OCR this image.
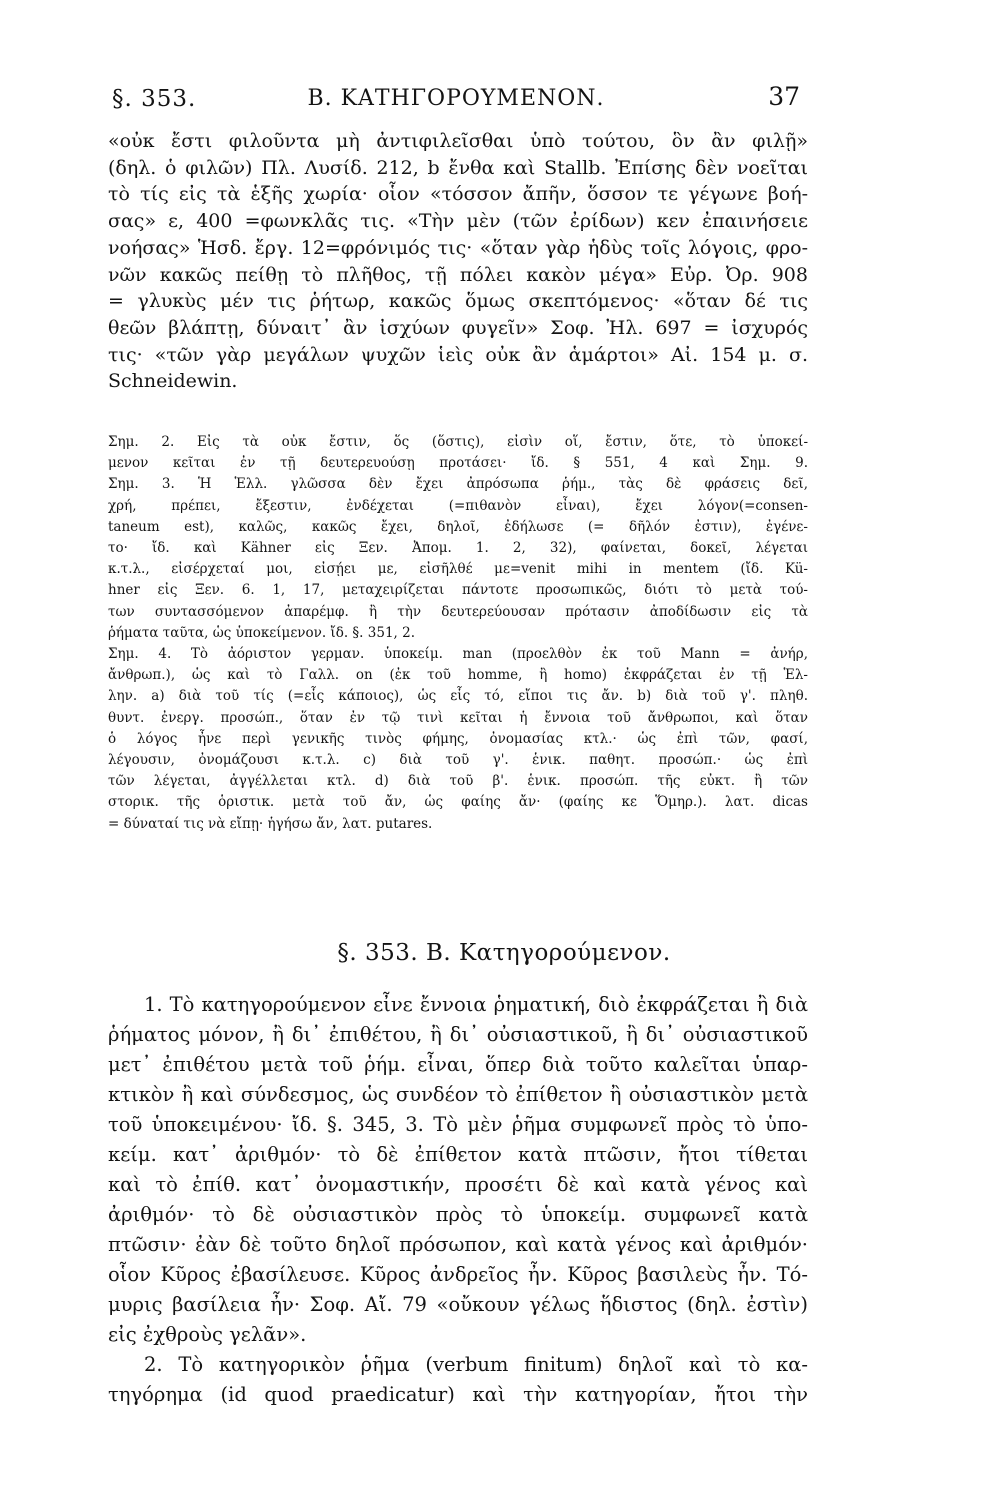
§. 353.	Β. ΚΑΤΗΓΟΡΟΥΜΕΝΟΝ.	37
«οὐκ ἔστι φιλοῦντα μὴ ἀντιφιλεῖσθαι ὑπὸ τούτου, ὃν ἂν φιλῇ»
(δηλ. ὁ φιλῶν) Πλ. Λυσίδ. 212, b ἔνθα καὶ Stallb. Ἐπίσης δὲν νοεῖται
τὸ τίς εἰς τὰ ἑξῆς χωρία· οἷον «τόσσον ἄπῆν, ὅσσον τε γέγωνε βοή-
σας» ε, 400 =φωνκλᾶς τις. «Τὴν μὲν (τῶν ἐρίδων) κεν ἐπαινήσειε
νοήσας» Ἡσδ. ἔργ. 12=φρόνιμός τις· «ὅταν γὰρ ἡδὺς τοῖς λόγοις, φρο-
νῶν κακῶς πείθῃ τὸ πλῆθος, τῇ πόλει κακὸν μέγα» Εὐρ. Ὀρ. 908
= γλυκὺς μέν τις ῥήτωρ, κακῶς ὅμως σκεπτόμενος· «ὅταν δέ τις
θεῶν βλάπτῃ, δύναιτ᾽ ἂν ἰσχύων φυγεῖν» Σοφ. Ἠλ. 697 = ἰσχυρός
τις· «τῶν γὰρ μεγάλων ψυχῶν ἱεὶς οὐκ ἂν ἁμάρτοι» Αἰ. 154 μ. σ.
Schneidewin.
Σημ. 2. Εἰς τὰ οὐκ ἔστιν, ὅς (ὅστις), εἰσὶν οἵ, ἔστιν, ὅτε, τὸ ὑποκεί-
μενον κεῖται ἐν τῇ δευτερευούσῃ προτάσει· ἴδ. § 551, 4 καὶ Σημ. 9.
Σημ. 3. Ἡ Ἑλλ. γλῶσσα δὲν ἔχει ἀπρόσωπα ῥήμ., τὰς δὲ φράσεις δεῖ,
χρή, πρέπει, ἔξεστιν, ἐνδέχεται (=πιθανὸν εἶναι), ἔχει λόγον(=consen-
taneum est), καλῶς, κακῶς ἔχει, δηλοῖ, ἐδήλωσε (= δῆλόν ἐστιν), ἐγένε-
το· ἴδ. καὶ Kähner εἰς Ξεν. Ἀπομ. 1. 2, 32), φαίνεται, δοκεῖ, λέγεται
κ.τ.λ., εἰσέρχεταί μοι, εἰσῄει με, εἰσῆλθέ με=venit mihi in mentem (ἴδ. Kü-
hner εἰς Ξεν. 6. 1, 17, μεταχειρίζεται πάντοτε προσωπικῶς, διότι τὸ μετὰ τού-
των συντασσόμενον ἀπαρέμφ. ἢ τὴν δευτερεύουσαν πρότασιν ἀποδίδωσιν εἰς τὰ
ῥήματα ταῦτα, ὡς ὑποκείμενον. ἴδ. §. 351, 2.
Σημ. 4. Τὸ ἀόριστον γερμαν. ὑποκείμ. man (προελθὸν ἐκ τοῦ Mann = ἀνήρ,
ἄνθρωπ.), ὡς καὶ τὸ Γαλλ. on (ἐκ τοῦ homme, ἢ homo) ἐκφράζεται ἐν τῇ Ἑλ-
λην. a) διὰ τοῦ τίς (=εἷς κάποιος), ὡς εἷς τό, εἴποι τις ἄν. b) διὰ τοῦ γ'. πληθ.
θυντ. ἐνεργ. προσώπ., ὅταν ἐν τῷ τινὶ κεῖται ἡ ἔννοια τοῦ ἄνθρωποι, καὶ ὅταν
ὁ λόγος ἦνε περὶ γενικῆς τινὸς φήμης, ὀνομασίας κτλ.· ὡς ἐπὶ τῶν, φασί,
λέγουσιν, ὀνομάζουσι κ.τ.λ. c) διὰ τοῦ γ'. ἑνικ. παθητ. προσώπ.· ὡς ἐπὶ
τῶν λέγεται, ἀγγέλλεται κτλ. d) διὰ τοῦ β'. ἑνικ. προσώπ. τῆς εὐκτ. ἢ τῶν
στορικ. τῆς ὁριστικ. μετὰ τοῦ ἄν, ὡς φαίης ἄν· (φαίης κε Ὅμηρ.). λατ. dicas
= δύναταί τις νὰ εἴπῃ· ἡγήσω ἄν, λατ. putares.
§. 353. Β. Κατηγορούμενον.
1. Τὸ κατηγορούμενον εἶνε ἔννοια ῥηματική, διὸ ἐκφράζεται ἢ διὰ
ῥήματος μόνον, ἢ δι᾽ ἐπιθέτου, ἢ δι᾽ οὐσιαστικοῦ, ἢ δι᾽ οὐσιαστικοῦ
μετ᾽ ἐπιθέτου μετὰ τοῦ ῥήμ. εἶναι, ὅπερ διὰ τοῦτο καλεῖται ὑπαρ-
κτικὸν ἢ καὶ σύνδεσμος, ὡς συνδέον τὸ ἐπίθετον ἢ οὐσιαστικὸν μετὰ
τοῦ ὑποκειμένου· ἴδ. §. 345, 3. Τὸ μὲν ῥῆμα συμφωνεῖ πρὸς τὸ ὑπο-
κείμ. κατ᾽ ἀριθμόν· τὸ δὲ ἐπίθετον κατὰ πτῶσιν, ἤτοι τίθεται
καὶ τὸ ἐπίθ. κατ᾽ ὀνομαστικήν, προσέτι δὲ καὶ κατὰ γένος καὶ
ἀριθμόν· τὸ δὲ οὐσιαστικὸν πρὸς τὸ ὑποκείμ. συμφωνεῖ κατὰ
πτῶσιν· ἐὰν δὲ τοῦτο δηλοῖ πρόσωπον, καὶ κατὰ γένος καὶ ἀριθμόν·
οἷον Κῦρος ἐβασίλευσε. Κῦρος ἀνδρεῖος ἦν. Κῦρος βασιλεὺς ἦν. Τό-
μυρις βασίλεια ἦν· Σοφ. Αἴ. 79 «οὔκουν γέλως ἥδιστος (δηλ. ἐστὶν)
εἰς ἐχθροὺς γελᾶν».
2. Τὸ κατηγορικὸν ῥῆμα (verbum finitum) δηλοῖ καὶ τὸ κα-
τηγόρημα (id quod praedicatur) καὶ τὴν κατηγορίαν, ἤτοι τὴν
